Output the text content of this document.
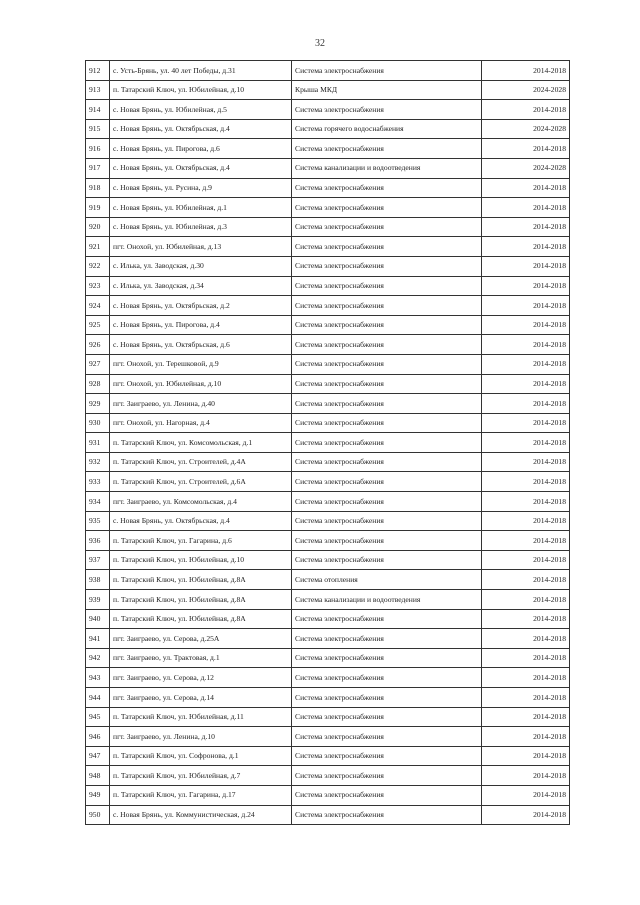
32
912	с. Усть-Брянь, ул. 40 лет Победы, д.31	Система электроснабжения	2014-2018
913	п. Татарский Ключ, ул. Юбилейная, д.10	Крыша МКД	2024-2028
914	с. Новая Брянь, ул. Юбилейная, д.5	Система электроснабжения	2014-2018
915	с. Новая Брянь, ул. Октябрьская, д.4	Система горячего водоснабжения	2024-2028
916	с. Новая Брянь, ул. Пирогова, д.6	Система электроснабжения	2014-2018
917	с. Новая Брянь, ул. Октябрьская, д.4	Система канализации и водоотведения	2024-2028
918	с. Новая Брянь, ул. Русина, д.9	Система электроснабжения	2014-2018
919	с. Новая Брянь, ул. Юбилейная, д.1	Система электроснабжения	2014-2018
920	с. Новая Брянь, ул. Юбилейная, д.3	Система электроснабжения	2014-2018
921	пгт. Онохой, ул. Юбилейная, д.13	Система электроснабжения	2014-2018
922	с. Илька, ул. Заводская, д.30	Система электроснабжения	2014-2018
923	с. Илька, ул. Заводская, д.34	Система электроснабжения	2014-2018
924	с. Новая Брянь, ул. Октябрьская, д.2	Система электроснабжения	2014-2018
925	с. Новая Брянь, ул. Пирогова, д.4	Система электроснабжения	2014-2018
926	с. Новая Брянь, ул. Октябрьская, д.6	Система электроснабжения	2014-2018
927	пгт. Онохой, ул. Терешковой, д.9	Система электроснабжения	2014-2018
928	пгт. Онохой, ул. Юбилейная, д.10	Система электроснабжения	2014-2018
929	пгт. Заиграево, ул. Ленина, д.40	Система электроснабжения	2014-2018
930	пгт. Онохой, ул. Нагорная, д.4	Система электроснабжения	2014-2018
931	п. Татарский Ключ, ул. Комсомольская, д.1	Система электроснабжения	2014-2018
932	п. Татарский Ключ, ул. Строителей, д.4А	Система электроснабжения	2014-2018
933	п. Татарский Ключ, ул. Строителей, д.6А	Система электроснабжения	2014-2018
934	пгт. Заиграево, ул. Комсомольская, д.4	Система электроснабжения	2014-2018
935	с. Новая Брянь, ул. Октябрьская, д.4	Система электроснабжения	2014-2018
936	п. Татарский Ключ, ул. Гагарина, д.6	Система электроснабжения	2014-2018
937	п. Татарский Ключ, ул. Юбилейная, д.10	Система электроснабжения	2014-2018
938	п. Татарский Ключ, ул. Юбилейная, д.8А	Система отопления	2014-2018
939	п. Татарский Ключ, ул. Юбилейная, д.8А	Система канализации и водоотведения	2014-2018
940	п. Татарский Ключ, ул. Юбилейная, д.8А	Система электроснабжения	2014-2018
941	пгт. Заиграево, ул. Серова, д.25А	Система электроснабжения	2014-2018
942	пгт. Заиграево, ул. Трактовая, д.1	Система электроснабжения	2014-2018
943	пгт. Заиграево, ул. Серова, д.12	Система электроснабжения	2014-2018
944	пгт. Заиграево, ул. Серова, д.14	Система электроснабжения	2014-2018
945	п. Татарский Ключ, ул. Юбилейная, д.11	Система электроснабжения	2014-2018
946	пгт. Заиграево, ул. Ленина, д.10	Система электроснабжения	2014-2018
947	п. Татарский Ключ, ул. Софронова, д.1	Система электроснабжения	2014-2018
948	п. Татарский Ключ, ул. Юбилейная, д.7	Система электроснабжения	2014-2018
949	п. Татарский Ключ, ул. Гагарина, д.17	Система электроснабжения	2014-2018
950	с. Новая Брянь, ул. Коммунистическая, д.24	Система электроснабжения	2014-2018
